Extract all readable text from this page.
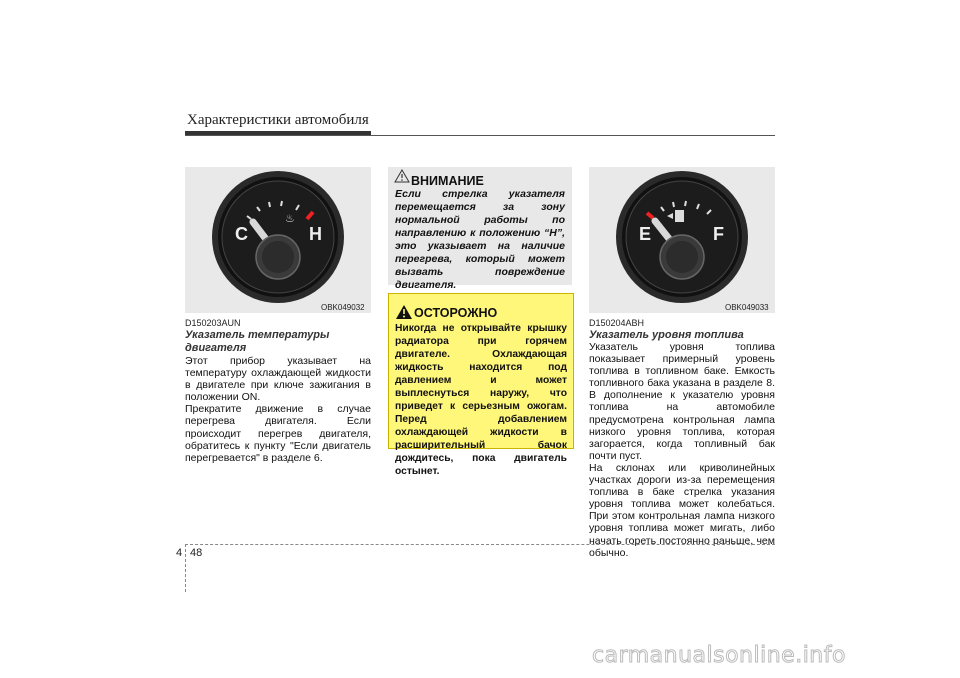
Характеристики автомобиля
♨
C	H
OBK049032
D150203AUN
Указатель температуры двигателя

Этот прибор указывает на температуру охлаждающей жидкости в двигателе при ключе зажигания в положении ON.

Прекратите движение в случае перегрева двигателя. Если происходит перегрев двигателя, обратитесь к пункту "Если двигатель перегревается" в разделе 6.

ВНИМАНИЕ
Если стрелка указателя перемещается за зону нормальной работы по направлению к положению “H”, это указывает на наличие перегрева, который может вызвать повреждение двигателя.
ОСТОРОЖНО
Никогда не открывайте крышку радиатора при горячем двигателе. Охлаждающая жидкость находится под давлением и может выплеснуться наружу, что приведет к серьезным ожогам. Перед добавлением охлаждающей жидкости в расширительный бачок дождитесь, пока двигатель остынет.
E	F
OBK049033
D150204ABH
Указатель уровня топлива

Указатель уровня топлива показывает примерный уровень топлива в топливном баке. Емкость топливного бака указана в разделе 8. В дополнение к указателю уровня топлива на автомобиле предусмотрена контрольная лампа низкого уровня топлива, которая загорается, когда топливный бак почти пуст.

На склонах или криволинейных участках дороги из-за перемещения топлива в баке стрелка указания уровня топлива может колебаться. При этом контрольная лампа низкого уровня топлива может мигать, либо начать гореть постоянно раньше, чем обычно.

4 48
carmanualsonline.info
